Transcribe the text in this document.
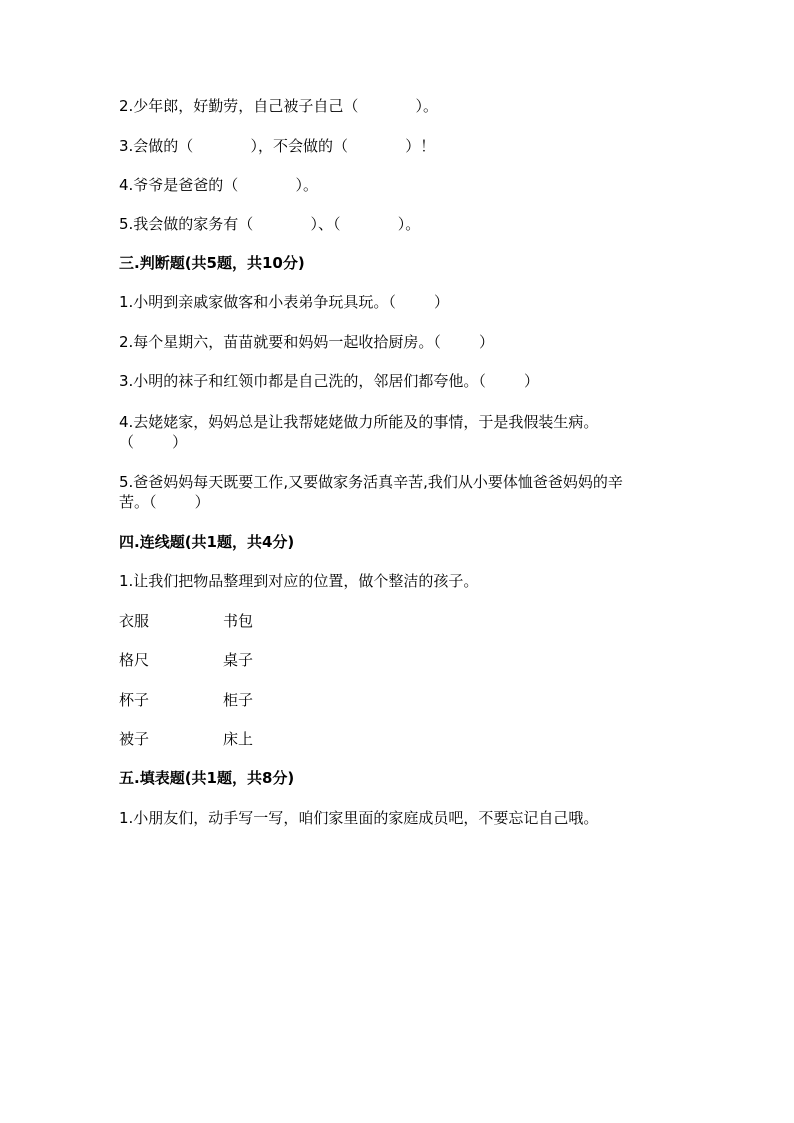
2.少年郎，好勤劳，自己被子自己（            ）。

3.会做的（            ），不会做的（            ）！

4.爷爷是爸爸的（            ）。

5.我会做的家务有（            ）、（            ）。

三.判断题(共5题，共10分)

1.小明到亲戚家做客和小表弟争玩具玩。（        ）

2.每个星期六，苗苗就要和妈妈一起收拾厨房。（        ）

3.小明的袜子和红领巾都是自己洗的，邻居们都夸他。（        ）

4.去姥姥家，妈妈总是让我帮姥姥做力所能及的事情，于是我假装生病。

（        ）

5.爸爸妈妈每天既要工作,又要做家务活真辛苦,我们从小要体恤爸爸妈妈的辛

苦。（        ）

四.连线题(共1题，共4分)

1.让我们把物品整理到对应的位置，做个整洁的孩子。

衣服	书包
格尺	桌子
杯子	柜子
被子	床上

五.填表题(共1题，共8分)

1.小朋友们，动手写一写，咱们家里面的家庭成员吧，不要忘记自己哦。
